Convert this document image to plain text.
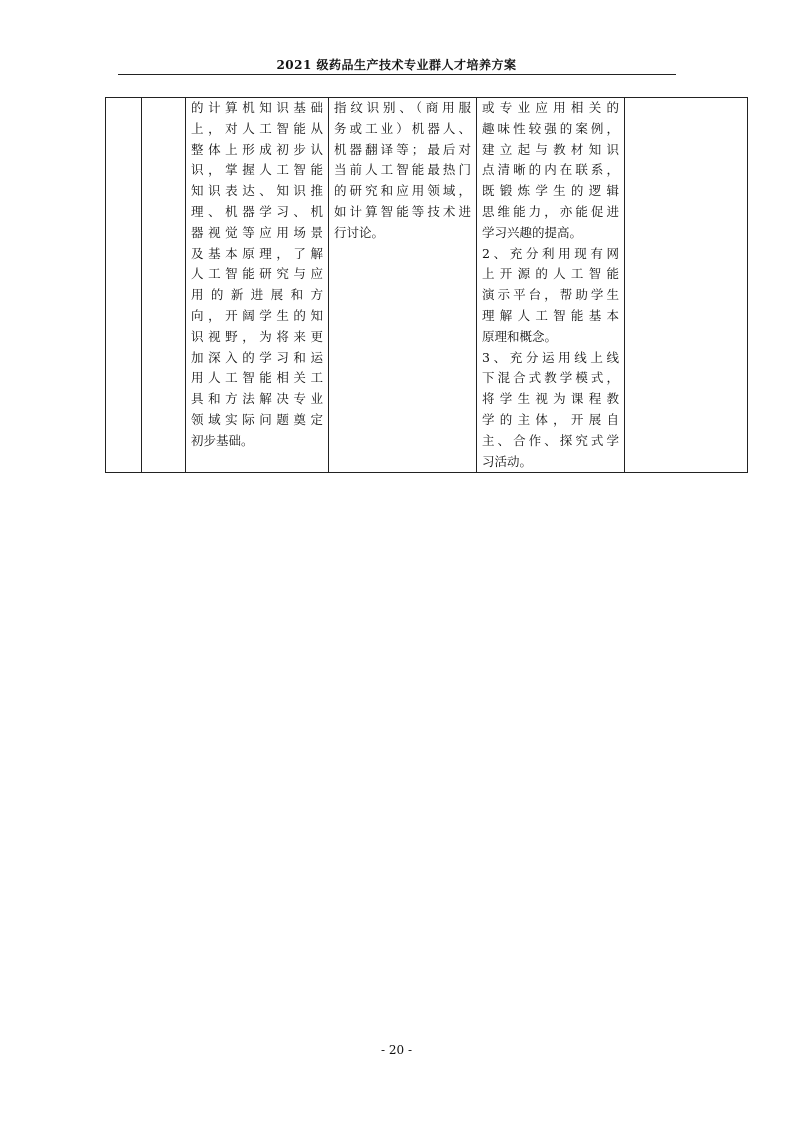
2021 级药品生产技术专业群人才培养方案

的计算机知识基础
上，对人工智能从
整体上形成初步认
识，掌握人工智能
知识表达、知识推
理、机器学习、机
器视觉等应用场景
及基本原理，了解
人工智能研究与应
用的新进展和方
向，开阔学生的知
识视野，为将来更
加深入的学习和运
用人工智能相关工
具和方法解决专业
领域实际问题奠定
初步基础。

指纹识别、（商用服
务或工业）机器人、
机器翻译等；最后对
当前人工智能最热门
的研究和应用领域，
如计算智能等技术进
行讨论。

或专业应用相关的
趣味性较强的案例，
建立起与教材知识
点清晰的内在联系，
既锻炼学生的逻辑
思维能力，亦能促进
学习兴趣的提高。
2、充分利用现有网
上开源的人工智能
演示平台，帮助学生
理解人工智能基本
原理和概念。
3、充分运用线上线
下混合式教学模式，
将学生视为课程教
学的主体，开展自
主、合作、探究式学
习活动。

- 20 -
